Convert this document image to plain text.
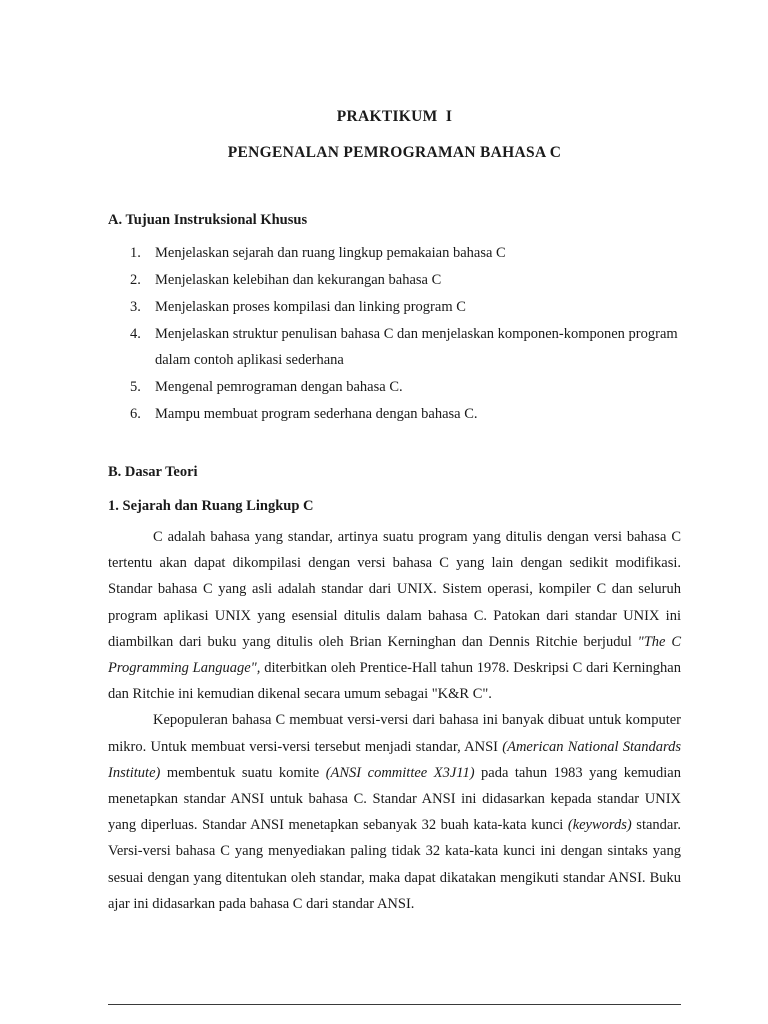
PRAKTIKUM  I
PENGENALAN PEMROGRAMAN BAHASA C
A. Tujuan Instruksional Khusus
1. Menjelaskan sejarah dan ruang lingkup pemakaian bahasa C
2. Menjelaskan kelebihan dan kekurangan bahasa C
3. Menjelaskan proses kompilasi dan linking program C
4. Menjelaskan struktur penulisan bahasa C dan menjelaskan komponen-komponen program dalam contoh aplikasi sederhana
5. Mengenal pemrograman dengan bahasa C.
6. Mampu membuat program sederhana dengan bahasa C.
B. Dasar Teori
1. Sejarah dan Ruang Lingkup C

C adalah bahasa yang standar, artinya suatu program yang ditulis dengan versi bahasa C tertentu akan dapat dikompilasi dengan versi bahasa C yang lain dengan sedikit modifikasi. Standar bahasa C yang asli adalah standar dari UNIX. Sistem operasi, kompiler C dan seluruh program aplikasi UNIX yang esensial ditulis dalam bahasa C. Patokan dari standar UNIX ini diambilkan dari buku yang ditulis oleh Brian Kerninghan dan Dennis Ritchie berjudul "The C Programming Language", diterbitkan oleh Prentice-Hall tahun 1978. Deskripsi C dari Kerninghan dan Ritchie ini kemudian dikenal secara umum sebagai "K&R C".

Kepopuleran bahasa C membuat versi-versi dari bahasa ini banyak dibuat untuk komputer mikro. Untuk membuat versi-versi tersebut menjadi standar, ANSI (American National Standards Institute) membentuk suatu komite (ANSI committee X3J11) pada tahun 1983 yang kemudian menetapkan standar ANSI untuk bahasa C. Standar ANSI ini didasarkan kepada standar UNIX yang diperluas. Standar ANSI menetapkan sebanyak 32 buah kata-kata kunci (keywords) standar. Versi-versi bahasa C yang menyediakan paling tidak 32 kata-kata kunci ini dengan sintaks yang sesuai dengan yang ditentukan oleh standar, maka dapat dikatakan mengikuti standar ANSI. Buku ajar ini didasarkan pada bahasa C dari standar ANSI.
